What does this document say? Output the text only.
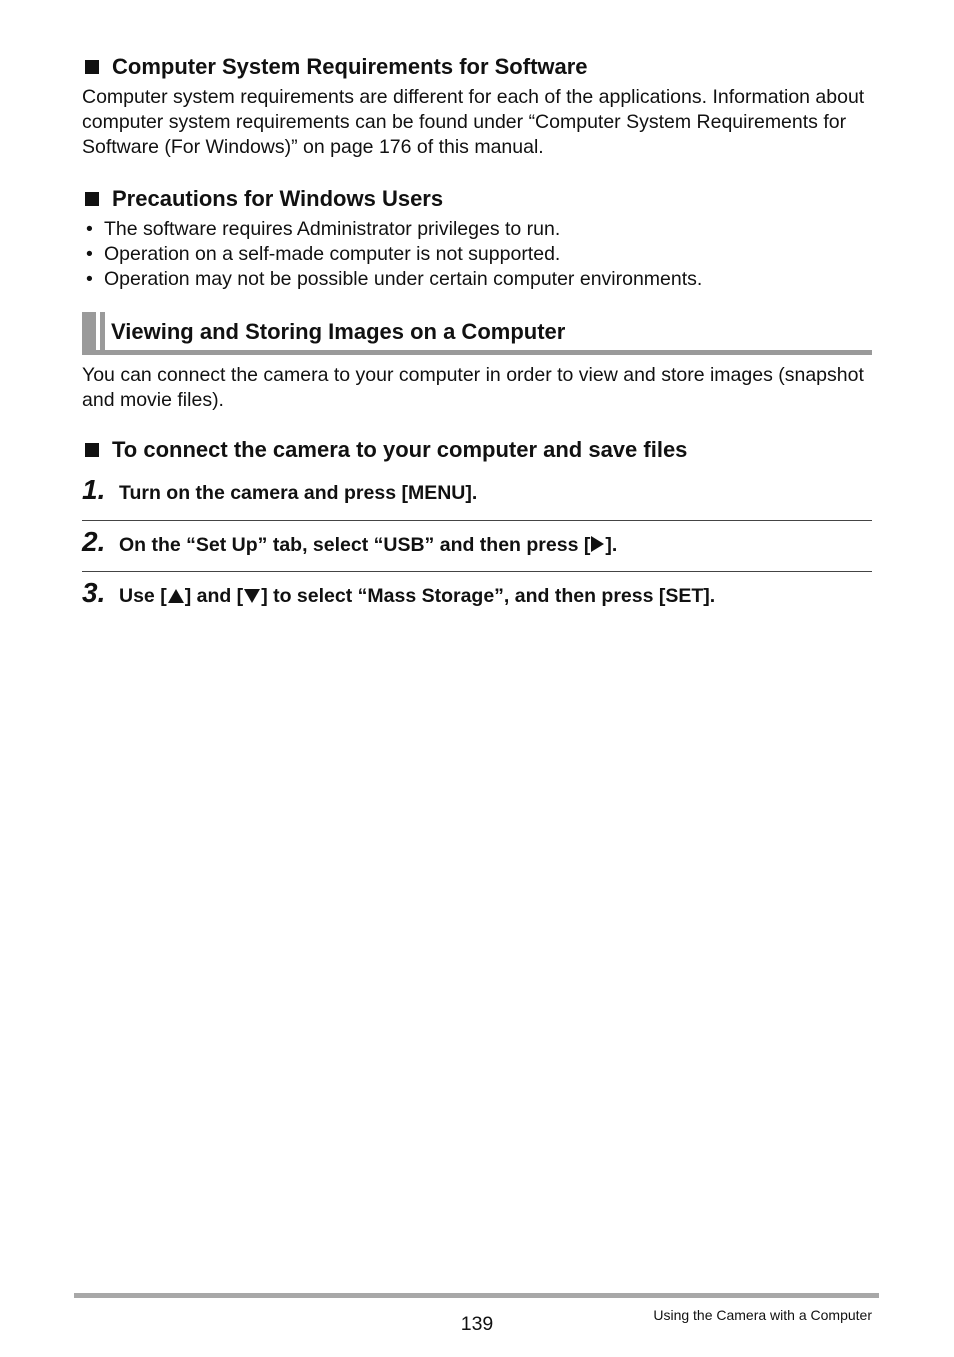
Computer System Requirements for Software

Computer system requirements are different for each of the applications. Information about computer system requirements can be found under “Computer System Requirements for Software (For Windows)” on page 176 of this manual.

Precautions for Windows Users
• The software requires Administrator privileges to run.
• Operation on a self-made computer is not supported.
• Operation may not be possible under certain computer environments.
Viewing and Storing Images on a Computer

You can connect the camera to your computer in order to view and store images (snapshot and movie files).

To connect the camera to your computer and save files
1. Turn on the camera and press [MENU].
2. On the “Set Up” tab, select “USB” and then press [ ].
3. Use [ ] and [ ] to select “Mass Storage”, and then press [SET].
139	Using the Camera with a Computer
